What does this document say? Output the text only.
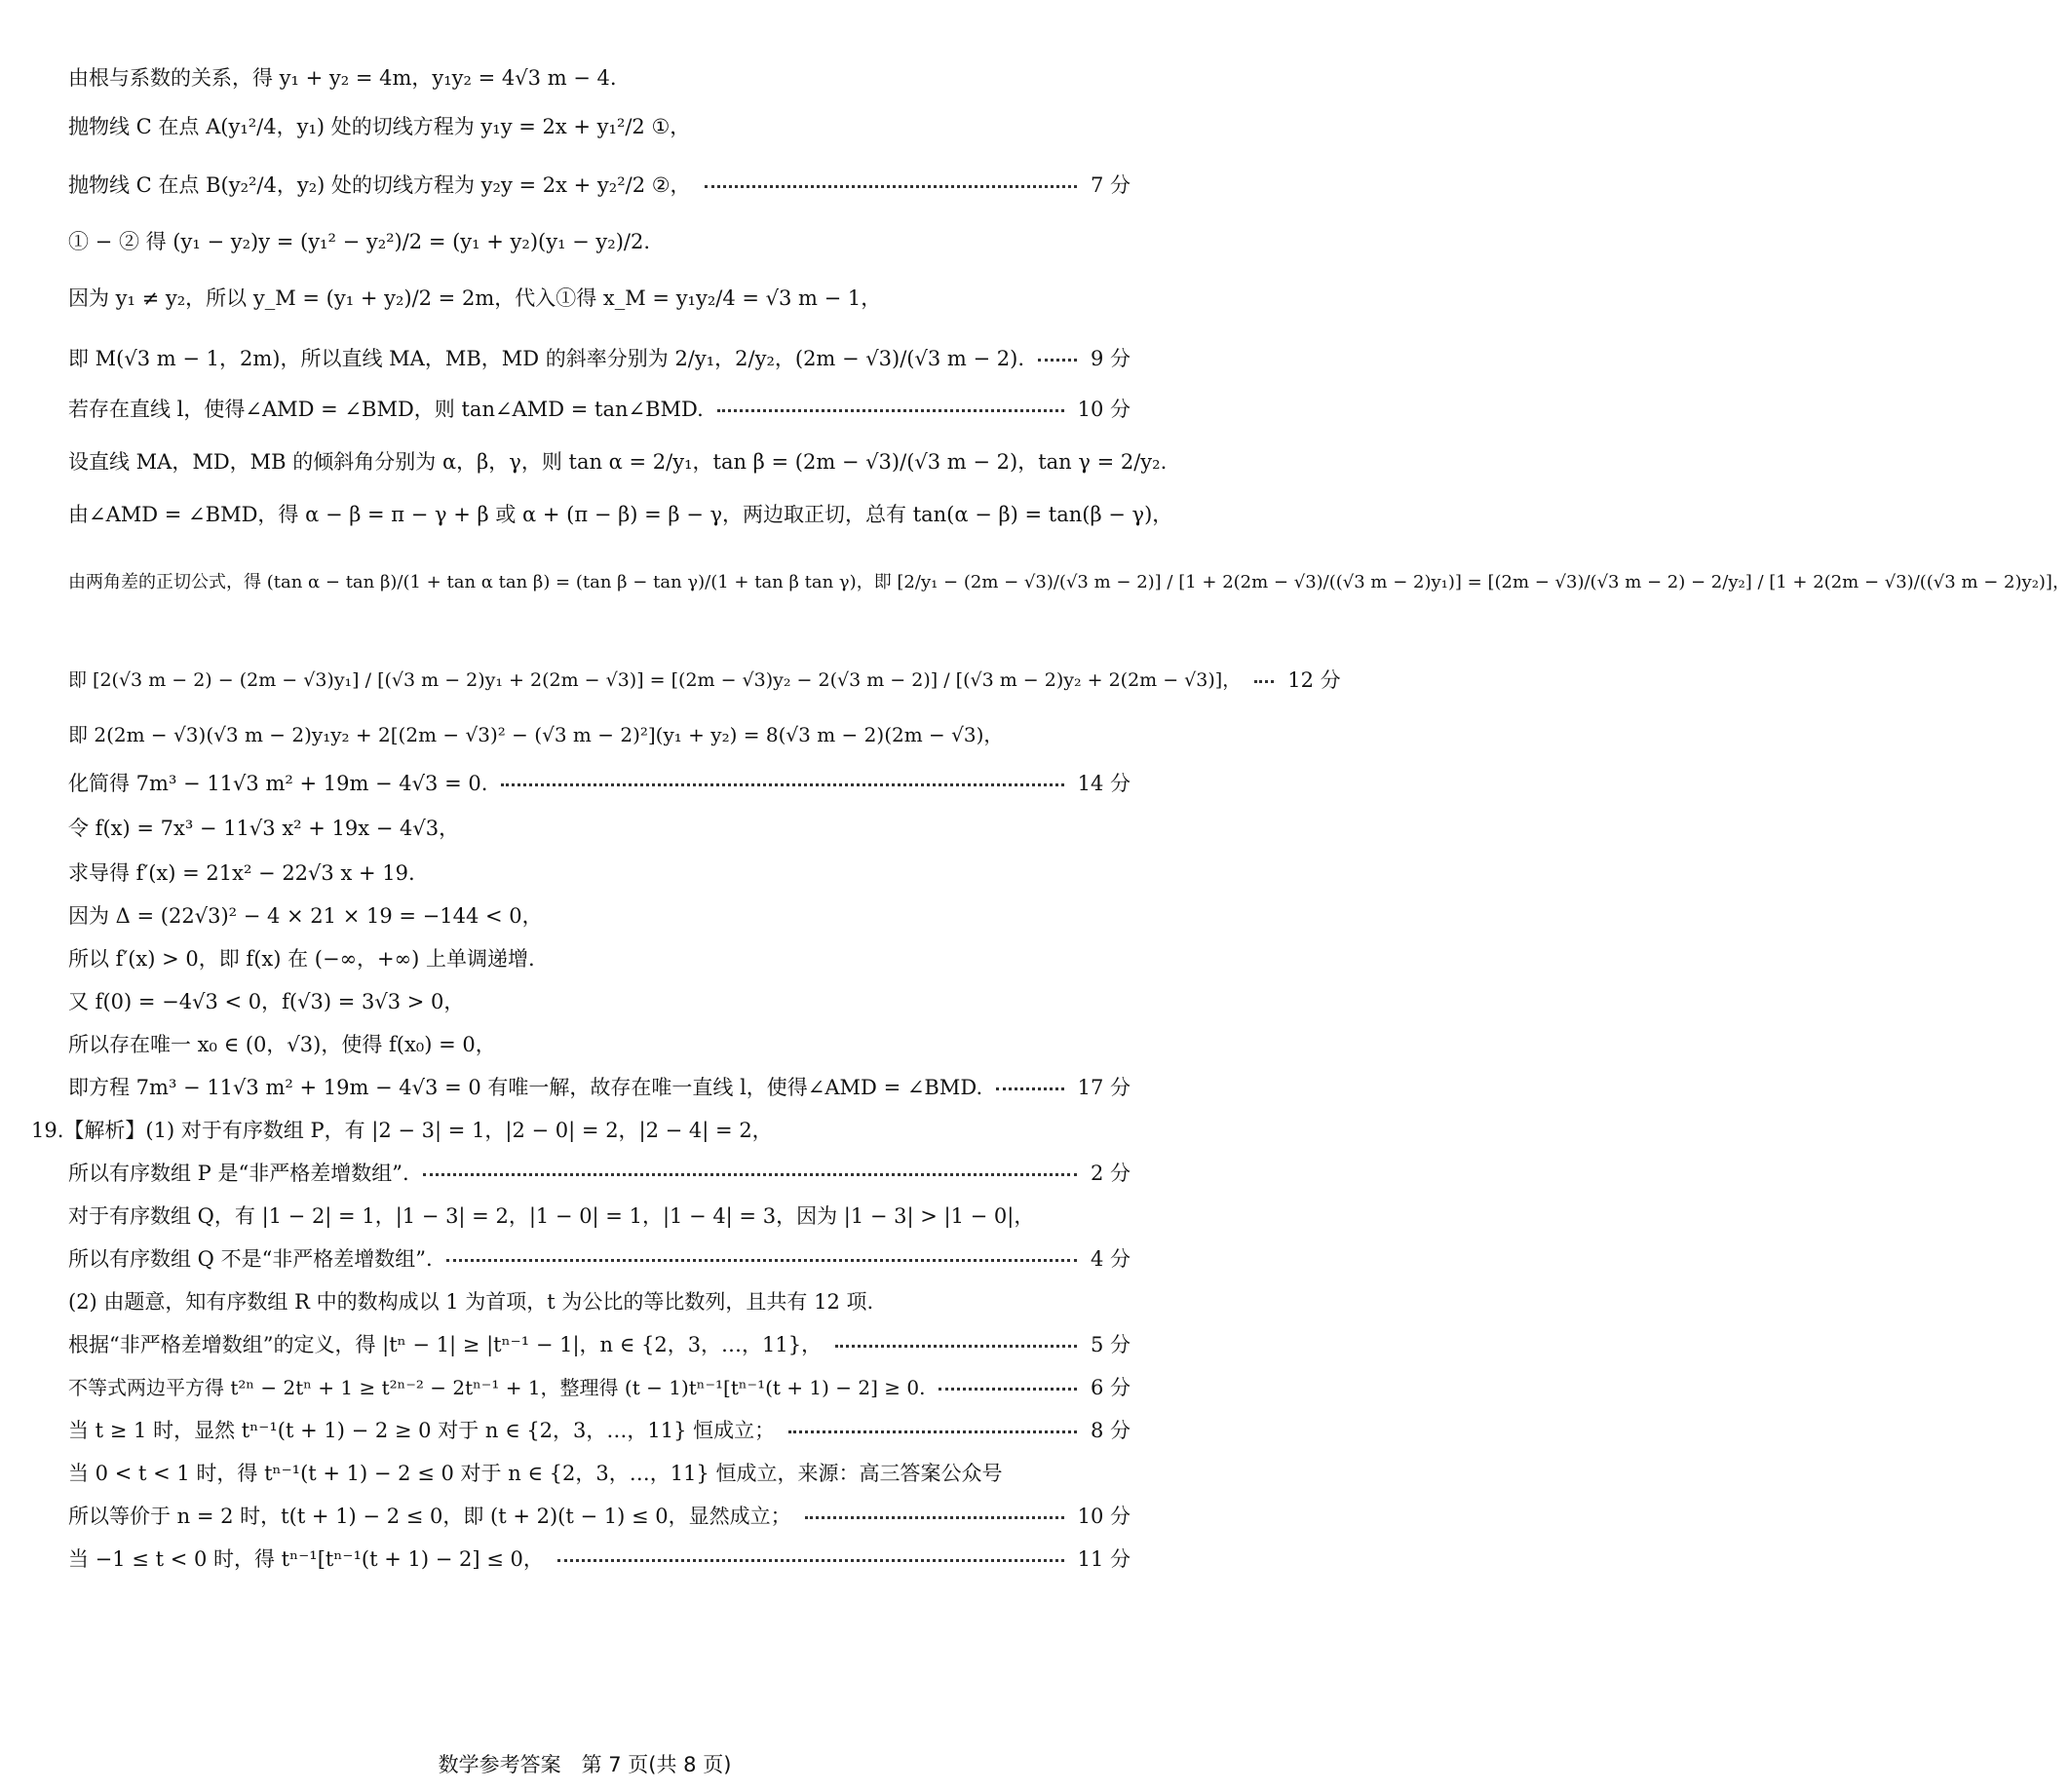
由根与系数的关系，得 y₁ + y₂ = 4m，y₁y₂ = 4√3 m − 4.
抛物线 C 在点 A(y₁²/4，y₁) 处的切线方程为 y₁y = 2x + y₁²/2 ①，
抛物线 C 在点 B(y₂²/4，y₂) 处的切线方程为 y₂y = 2x + y₂²/2 ②，	7 分
① − ② 得 (y₁ − y₂)y = (y₁² − y₂²)/2 = (y₁ + y₂)(y₁ − y₂)/2.
因为 y₁ ≠ y₂，所以 y_M = (y₁ + y₂)/2 = 2m，代入①得 x_M = y₁y₂/4 = √3 m − 1，
即 M(√3 m − 1，2m)，所以直线 MA，MB，MD 的斜率分别为 2/y₁，2/y₂，(2m − √3)/(√3 m − 2).	9 分
若存在直线 l，使得∠AMD = ∠BMD，则 tan∠AMD = tan∠BMD.	10 分
设直线 MA，MD，MB 的倾斜角分别为 α，β，γ，则 tan α = 2/y₁，tan β = (2m − √3)/(√3 m − 2)，tan γ = 2/y₂.
由∠AMD = ∠BMD，得 α − β = π − γ + β 或 α + (π − β) = β − γ，两边取正切，总有 tan(α − β) = tan(β − γ)，
由两角差的正切公式，得 (tan α − tan β)/(1 + tan α tan β) = (tan β − tan γ)/(1 + tan β tan γ)，即 [2/y₁ − (2m − √3)/(√3 m − 2)] / [1 + 2(2m − √3)/((√3 m − 2)y₁)] = [(2m − √3)/(√3 m − 2) − 2/y₂] / [1 + 2(2m − √3)/((√3 m − 2)y₂)]，
即 [2(√3 m − 2) − (2m − √3)y₁] / [(√3 m − 2)y₁ + 2(2m − √3)] = [(2m − √3)y₂ − 2(√3 m − 2)] / [(√3 m − 2)y₂ + 2(2m − √3)]， 12 分
即 2(2m − √3)(√3 m − 2)y₁y₂ + 2[(2m − √3)² − (√3 m − 2)²](y₁ + y₂) = 8(√3 m − 2)(2m − √3)，
化简得 7m³ − 11√3 m² + 19m − 4√3 = 0.	14 分
令 f(x) = 7x³ − 11√3 x² + 19x − 4√3，
求导得 f′(x) = 21x² − 22√3 x + 19.
因为 Δ = (22√3)² − 4 × 21 × 19 = −144 < 0，
所以 f′(x) > 0，即 f(x) 在 (−∞，+∞) 上单调递增.
又 f(0) = −4√3 < 0，f(√3) = 3√3 > 0，
所以存在唯一 x₀ ∈ (0，√3)，使得 f(x₀) = 0，
即方程 7m³ − 11√3 m² + 19m − 4√3 = 0 有唯一解，故存在唯一直线 l，使得∠AMD = ∠BMD.	17 分
19.【解析】(1) 对于有序数组 P，有 |2 − 3| = 1，|2 − 0| = 2，|2 − 4| = 2，
所以有序数组 P 是“非严格差增数组”.	2 分
对于有序数组 Q，有 |1 − 2| = 1，|1 − 3| = 2，|1 − 0| = 1，|1 − 4| = 3，因为 |1 − 3| > |1 − 0|，
所以有序数组 Q 不是“非严格差增数组”.	4 分
(2) 由题意，知有序数组 R 中的数构成以 1 为首项，t 为公比的等比数列，且共有 12 项.
根据“非严格差增数组”的定义，得 |tⁿ − 1| ≥ |tⁿ⁻¹ − 1|，n ∈ {2，3，…，11}，	5 分
不等式两边平方得 t²ⁿ − 2tⁿ + 1 ≥ t²ⁿ⁻² − 2tⁿ⁻¹ + 1，整理得 (t − 1)tⁿ⁻¹[tⁿ⁻¹(t + 1) − 2] ≥ 0.	6 分
当 t ≥ 1 时，显然 tⁿ⁻¹(t + 1) − 2 ≥ 0 对于 n ∈ {2，3，…，11} 恒成立；	8 分
当 0 < t < 1 时，得 tⁿ⁻¹(t + 1) − 2 ≤ 0 对于 n ∈ {2，3，…，11} 恒成立，来源：高三答案公众号
所以等价于 n = 2 时，t(t + 1) − 2 ≤ 0，即 (t + 2)(t − 1) ≤ 0，显然成立；	10 分
当 −1 ≤ t < 0 时，得 tⁿ⁻¹[tⁿ⁻¹(t + 1) − 2] ≤ 0，	11 分
数学参考答案　第 7 页(共 8 页)
